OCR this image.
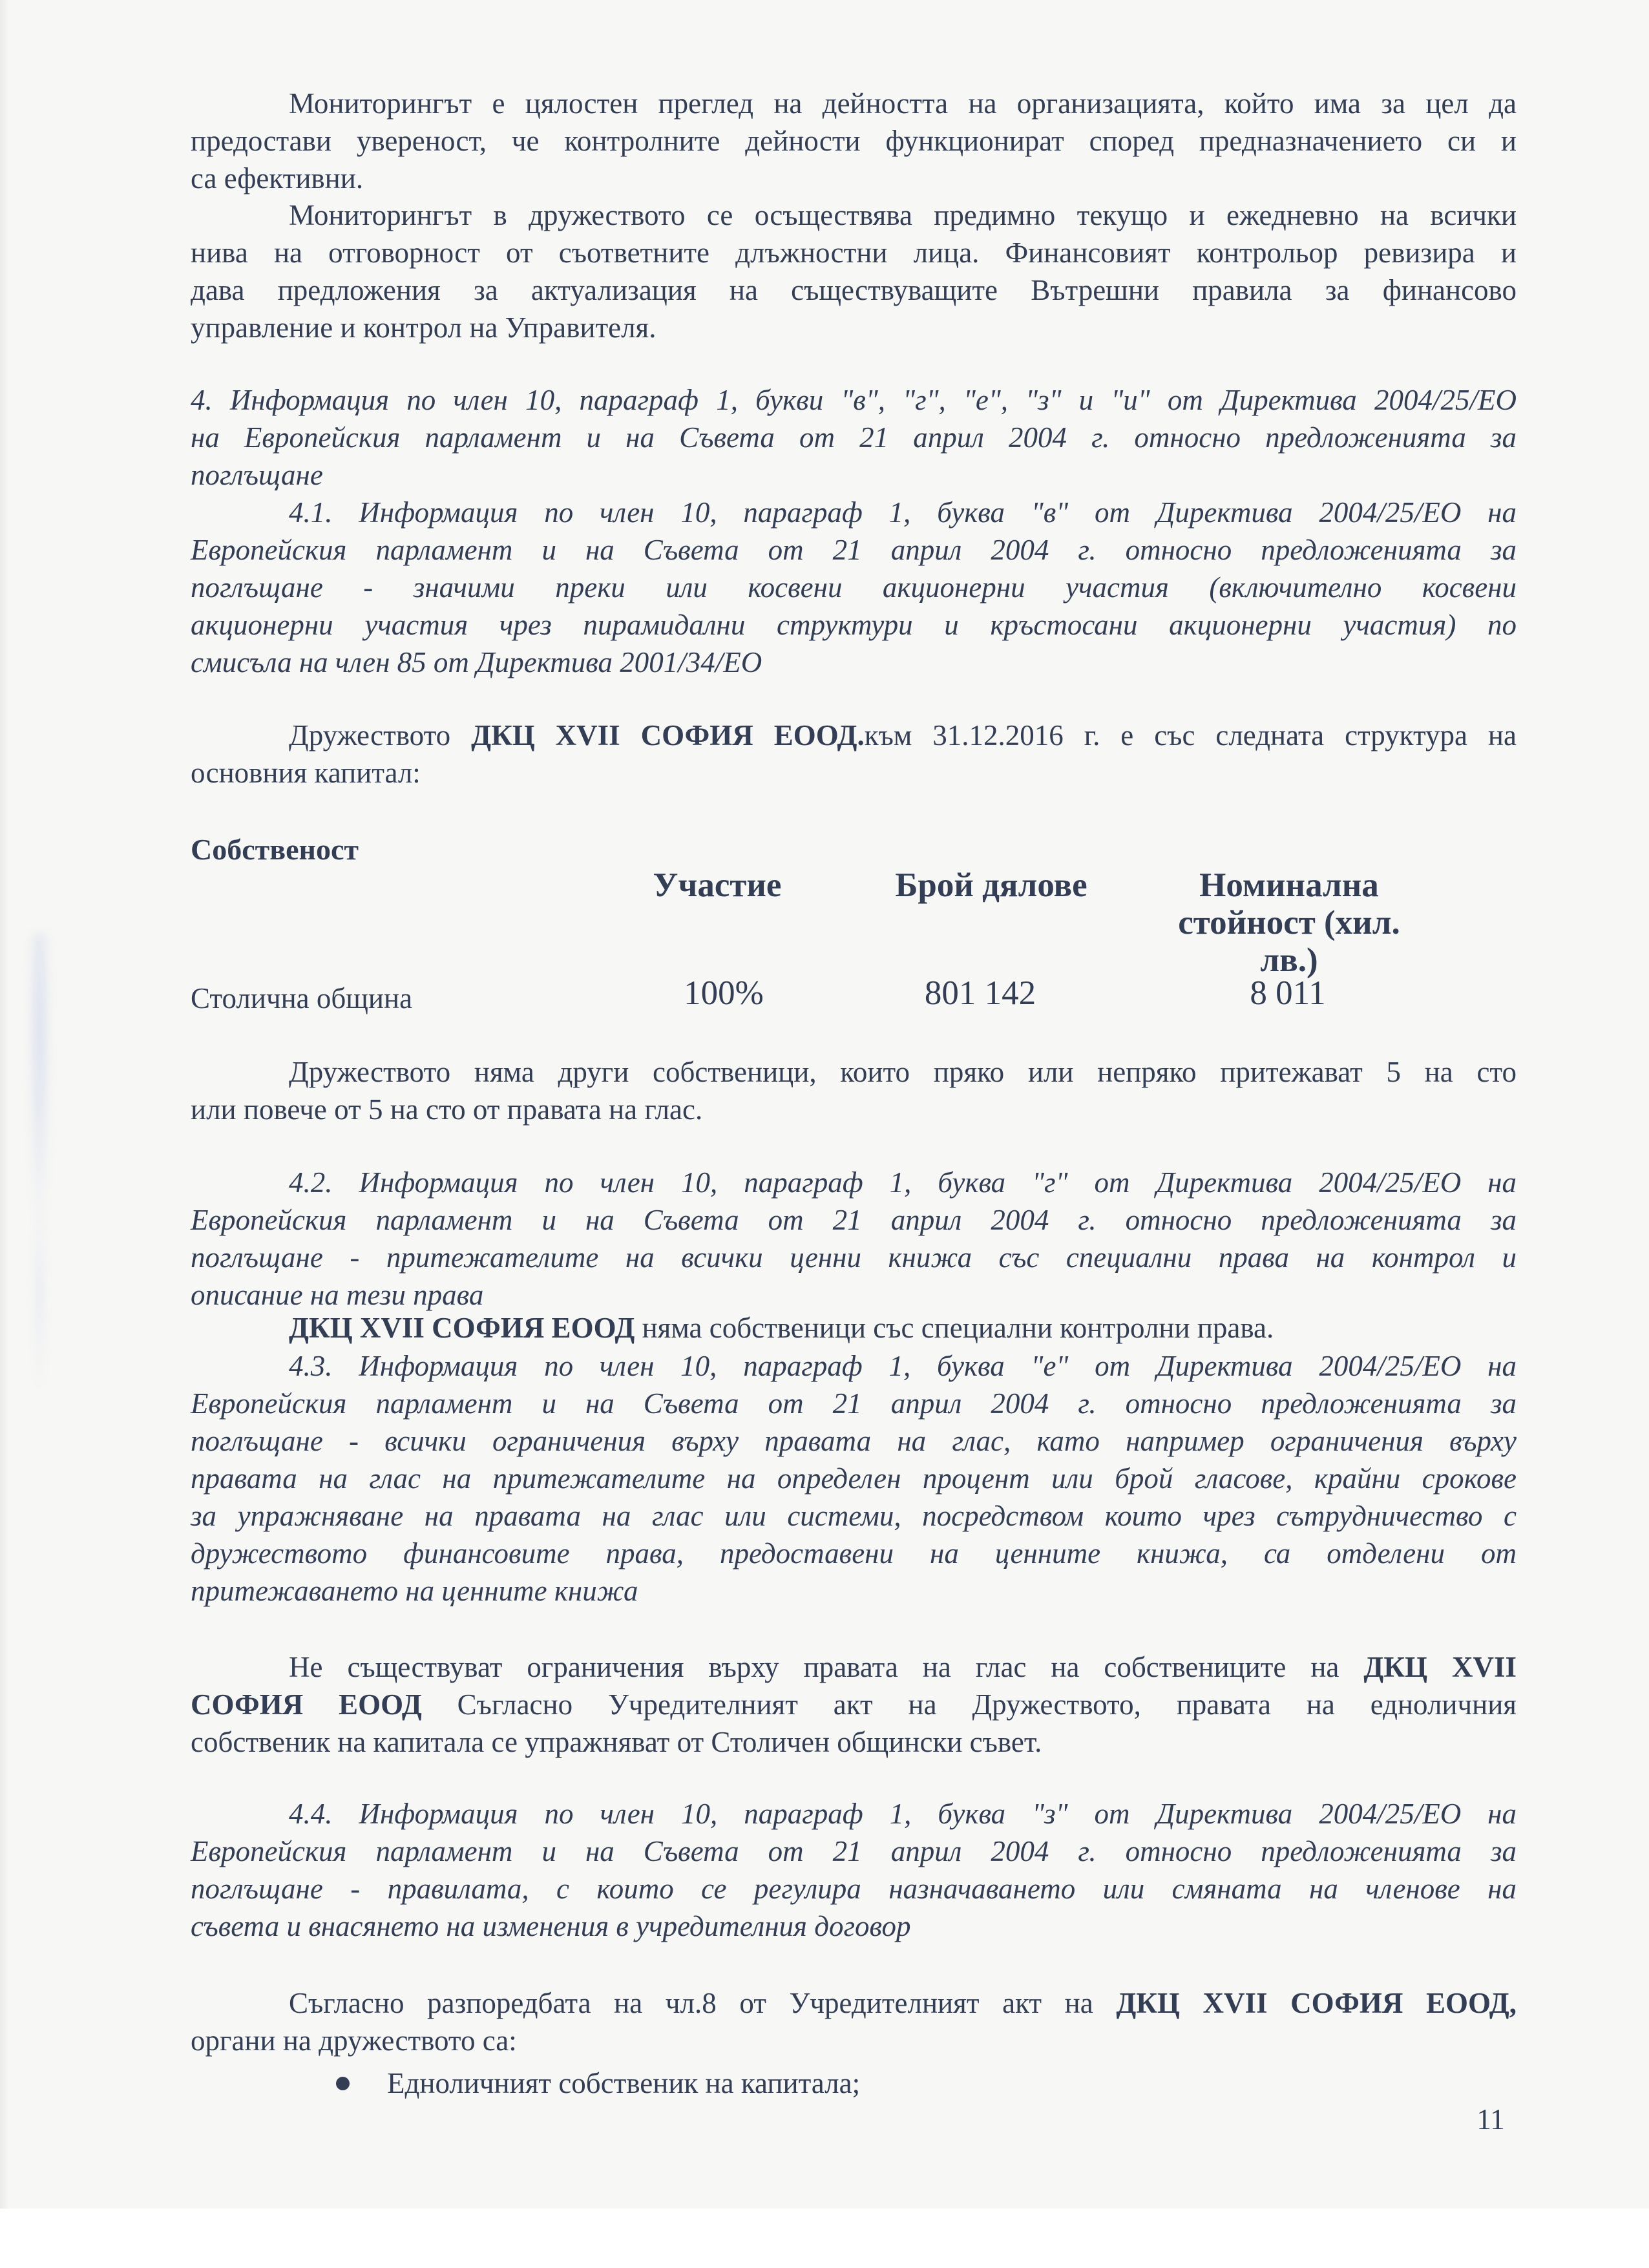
Мониторингът е цялостен преглед на дейността на организацията, който има за цел да
предостави увереност, че контролните дейности функционират според предназначението си и
са ефективни.
Мониторингът в дружеството се осъществява предимно текущо и ежедневно на всички
нива на отговорност от съответните длъжностни лица. Финансовият контрольор ревизира и
дава предложения за актуализация на съществуващите Вътрешни правила за финансово
управление и контрол на Управителя.
4. Информация по член 10, параграф 1, букви "в", "г", "е", "з" и "и" от Директива 2004/25/ЕО
на Европейския парламент и на Съвета от 21 април 2004 г. относно предложенията за
поглъщане
4.1. Информация по член 10, параграф 1, буква "в" от Директива 2004/25/ЕО на
Европейския парламент и на Съвета от 21 април 2004 г. относно предложенията за
поглъщане - значими преки или косвени акционерни участия (включително косвени
акционерни участия чрез пирамидални структури и кръстосани акционерни участия) по
смисъла на член 85 от Директива 2001/34/ЕО
Дружеството ДКЦ XVII СОФИЯ ЕООД.към 31.12.2016 г. е със следната структура на
основния капитал:
Дружеството няма други собственици, които пряко или непряко притежават 5 на сто
или повече от 5 на сто от правата на глас.
4.2. Информация по член 10, параграф 1, буква "г" от Директива 2004/25/ЕО на
Европейския парламент и на Съвета от 21 април 2004 г. относно предложенията за
поглъщане - притежателите на всички ценни книжа със специални права на контрол и
описание на тези права
ДКЦ XVII СОФИЯ ЕООД няма собственици със специални контролни права.
4.3. Информация по член 10, параграф 1, буква "е" от Директива 2004/25/ЕО на
Европейския парламент и на Съвета от 21 април 2004 г. относно предложенията за
поглъщане - всички ограничения върху правата на глас, като например ограничения върху
правата на глас на притежателите на определен процент или брой гласове, крайни срокове
за упражняване на правата на глас или системи, посредством които чрез сътрудничество с
дружеството финансовите права, предоставени на ценните книжа, са отделени от
притежаването на ценните книжа
Не съществуват ограничения върху правата на глас на собствениците на ДКЦ XVII
СОФИЯ ЕООД Съгласно Учредителният акт на Дружеството, правата на едноличния
собственик на капитала се упражняват от Столичен общински съвет.
4.4. Информация по член 10, параграф 1, буква "з" от Директива 2004/25/ЕО на
Европейския парламент и на Съвета от 21 април 2004 г. относно предложенията за
поглъщане - правилата, с които се регулира назначаването или смяната на членове на
съвета и внасянето на изменения в учредителния договор
Съгласно разпоредбата на чл.8 от Учредителният акт на ДКЦ XVII СОФИЯ ЕООД,
органи на дружеството са:
Собственост
Участие	Брой дялове	Номинална
стойност (хил.
лв.)
Столична община	100%	801 142	8 011
Едноличният собственик на капитала;
11
